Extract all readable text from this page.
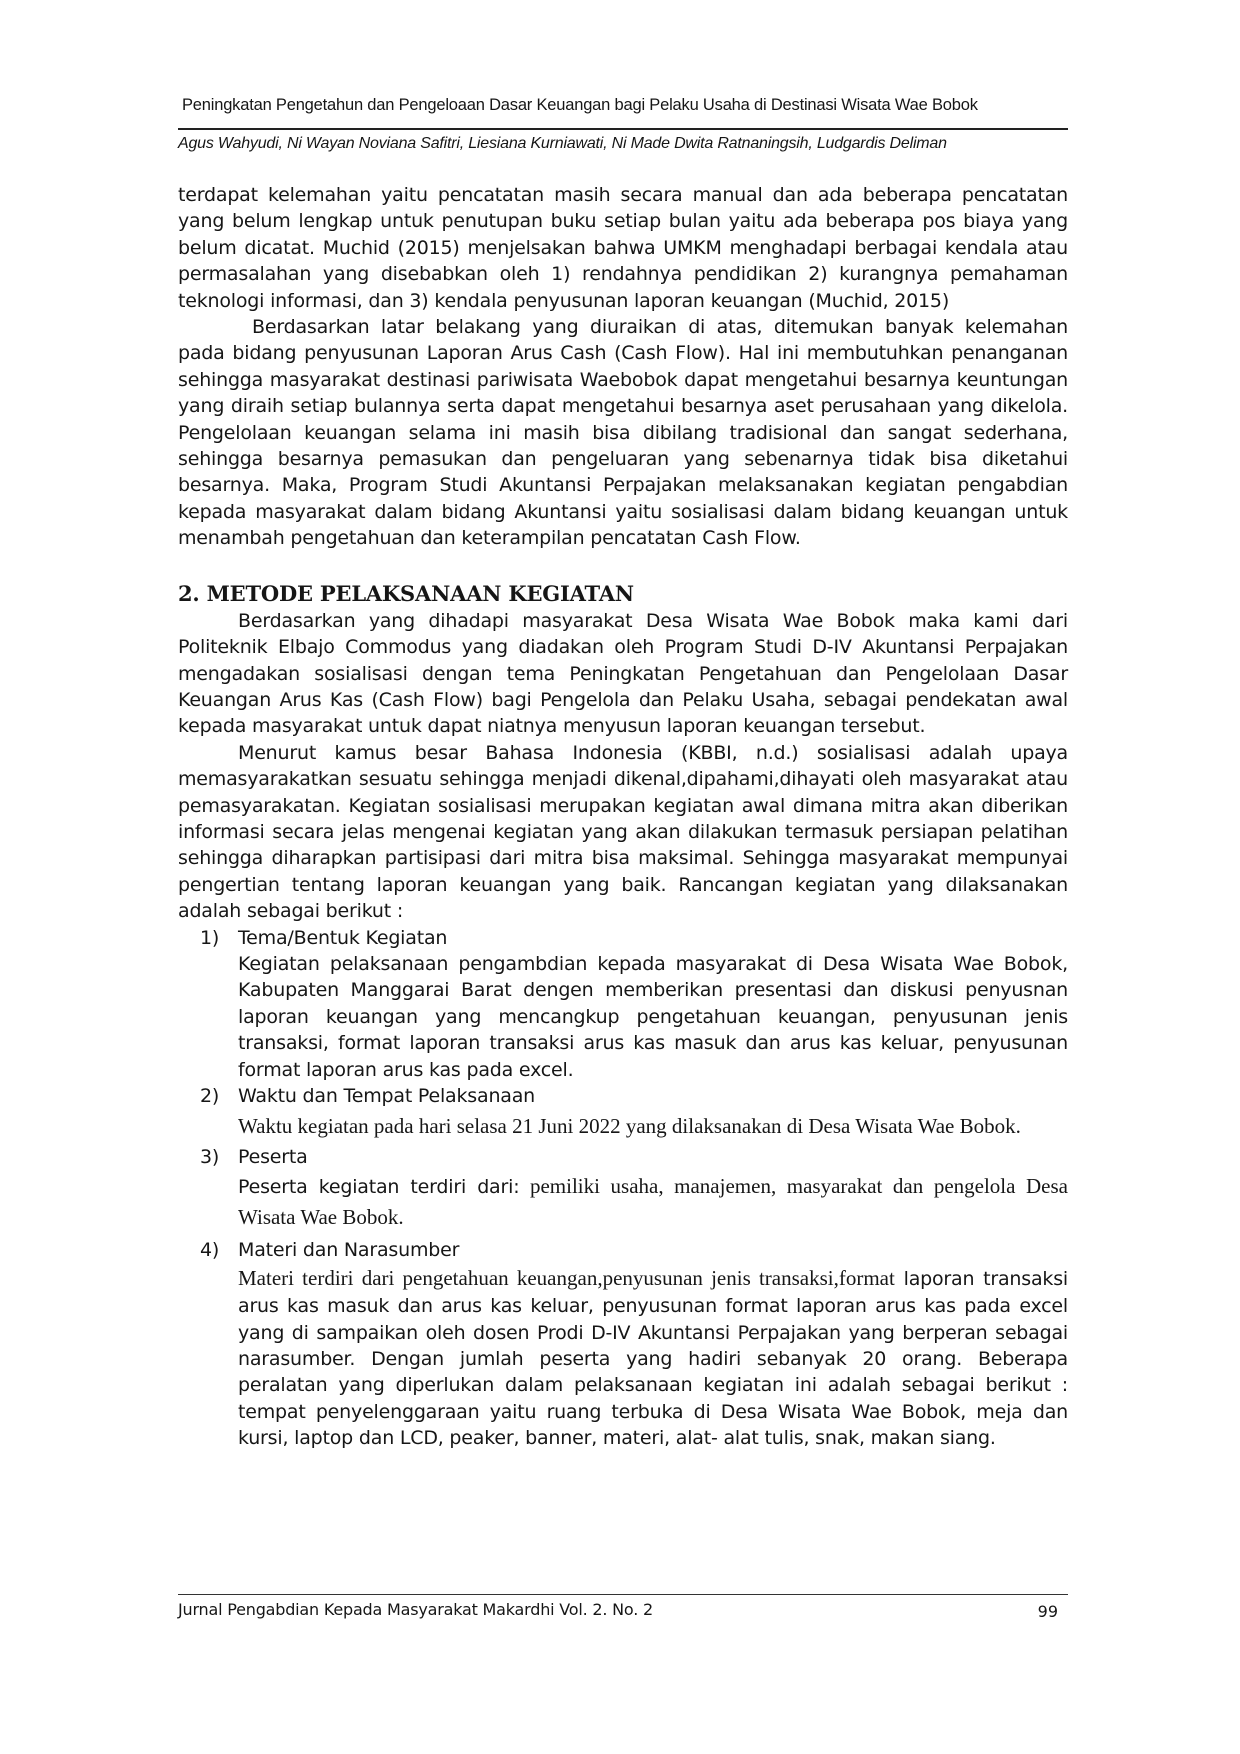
Peningkatan Pengetahun dan Pengeloaan Dasar Keuangan bagi Pelaku Usaha di Destinasi Wisata Wae Bobok
Agus Wahyudi, Ni Wayan Noviana Safitri, Liesiana Kurniawati, Ni Made Dwita Ratnaningsih, Ludgardis Deliman

terdapat kelemahan yaitu pencatatan masih secara manual dan ada beberapa pencatatan yang belum lengkap untuk penutupan buku setiap bulan yaitu ada beberapa pos biaya yang belum dicatat. Muchid (2015) menjelsakan bahwa UMKM menghadapi berbagai kendala atau permasalahan yang disebabkan oleh 1) rendahnya pendidikan 2) kurangnya pemahaman teknologi informasi, dan 3) kendala penyusunan laporan keuangan (Muchid, 2015)

Berdasarkan latar belakang yang diuraikan di atas, ditemukan banyak kelemahan pada bidang penyusunan Laporan Arus Cash (Cash Flow). Hal ini membutuhkan penanganan sehingga masyarakat destinasi pariwisata Waebobok dapat mengetahui besarnya keuntungan yang diraih setiap bulannya serta dapat mengetahui besarnya aset perusahaan yang dikelola. Pengelolaan keuangan selama ini masih bisa dibilang tradisional dan sangat sederhana, sehingga besarnya pemasukan dan pengeluaran yang sebenarnya tidak bisa diketahui besarnya. Maka, Program Studi Akuntansi Perpajakan melaksanakan kegiatan pengabdian kepada masyarakat dalam bidang Akuntansi yaitu sosialisasi dalam bidang keuangan untuk menambah pengetahuan dan keterampilan pencatatan Cash Flow.

2. METODE PELAKSANAAN KEGIATAN

Berdasarkan yang dihadapi masyarakat Desa Wisata Wae Bobok maka kami dari Politeknik Elbajo Commodus yang diadakan oleh Program Studi D-IV Akuntansi Perpajakan mengadakan sosialisasi dengan tema Peningkatan Pengetahuan dan Pengelolaan Dasar Keuangan Arus Kas (Cash Flow) bagi Pengelola dan Pelaku Usaha, sebagai pendekatan awal kepada masyarakat untuk dapat niatnya menyusun laporan keuangan tersebut.

Menurut kamus besar Bahasa Indonesia (KBBI, n.d.) sosialisasi adalah upaya memasyarakatkan sesuatu sehingga menjadi dikenal,dipahami,dihayati oleh masyarakat atau pemasyarakatan. Kegiatan sosialisasi merupakan kegiatan awal dimana mitra akan diberikan informasi secara jelas mengenai kegiatan yang akan dilakukan termasuk persiapan pelatihan sehingga diharapkan partisipasi dari mitra bisa maksimal. Sehingga masyarakat mempunyai pengertian tentang laporan keuangan yang baik. Rancangan kegiatan yang dilaksanakan adalah sebagai berikut :

1) Tema/Bentuk Kegiatan
Kegiatan pelaksanaan pengambdian kepada masyarakat di Desa Wisata Wae Bobok, Kabupaten Manggarai Barat dengen memberikan presentasi dan diskusi penyusnan laporan keuangan yang mencangkup pengetahuan keuangan, penyusunan jenis transaksi, format laporan transaksi arus kas masuk dan arus kas keluar, penyusunan format laporan arus kas pada excel.
2) Waktu dan Tempat Pelaksanaan
Waktu kegiatan pada hari selasa 21 Juni 2022 yang dilaksanakan di Desa Wisata Wae Bobok.
3) Peserta
Peserta kegiatan terdiri dari: pemiliki usaha, manajemen, masyarakat dan pengelola Desa Wisata Wae Bobok.
4) Materi dan Narasumber
Materi terdiri dari pengetahuan keuangan,penyusunan jenis transaksi,format laporan transaksi arus kas masuk dan arus kas keluar, penyusunan format laporan arus kas pada excel yang di sampaikan oleh dosen Prodi D-IV Akuntansi Perpajakan yang berperan sebagai narasumber. Dengan jumlah peserta yang hadiri sebanyak 20 orang. Beberapa peralatan yang diperlukan dalam pelaksanaan kegiatan ini adalah sebagai berikut : tempat penyelenggaraan yaitu ruang terbuka di Desa Wisata Wae Bobok, meja dan kursi, laptop dan LCD, peaker, banner, materi, alat- alat tulis, snak, makan siang.
Jurnal Pengabdian Kepada Masyarakat Makardhi Vol. 2. No. 2	99
